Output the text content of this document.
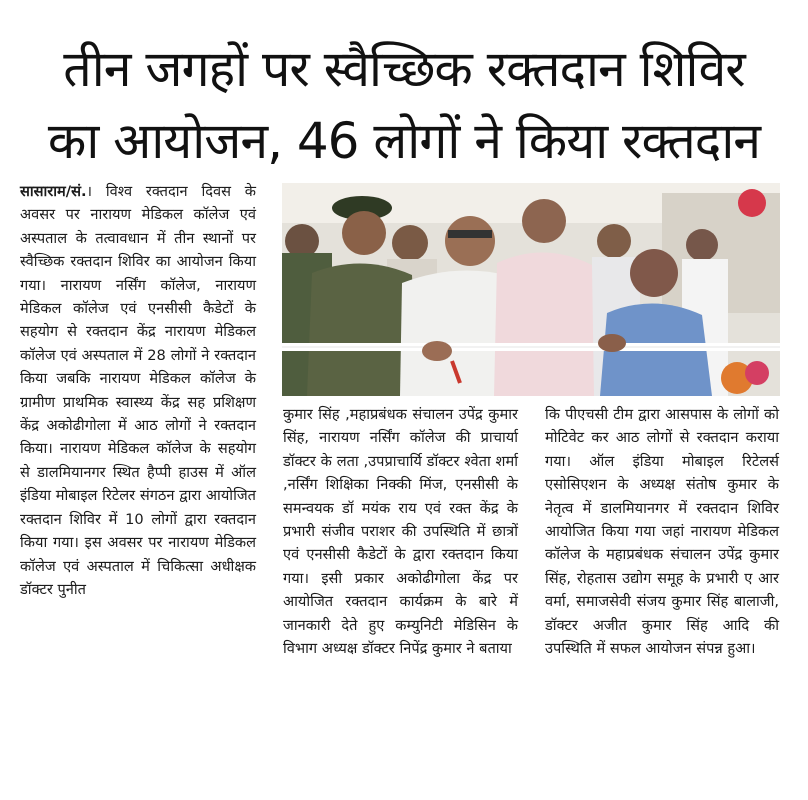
तीन जगहों पर स्वैच्छिक रक्तदान शिविर
का आयोजन, 46 लोगों ने किया रक्तदान

सासाराम/सं.। विश्व रक्तदान दिवस के अवसर पर नारायण मेडिकल कॉलेज एवं अस्पताल के तत्वावधान में तीन स्थानों पर स्वैच्छिक रक्तदान शिविर का आयोजन किया गया। नारायण नर्सिंग कॉलेज, नारायण मेडिकल कॉलेज एवं एनसीसी कैडेटों के सहयोग से रक्तदान केंद्र नारायण मेडिकल कॉलेज एवं अस्पताल में 28 लोगों ने रक्तदान किया जबकि नारायण मेडिकल कॉलेज के ग्रामीण प्राथमिक स्वास्थ्य केंद्र सह प्रशिक्षण केंद्र अकोढीगोला में आठ लोगों ने रक्तदान किया। नारायण मेडिकल कॉलेज के सहयोग से डालमियानगर स्थित हैप्पी हाउस में ऑल इंडिया मोबाइल रिटेलर संगठन द्वारा आयोजित रक्तदान शिविर में 10 लोगों द्वारा रक्तदान किया गया। इस अवसर पर नारायण मेडिकल कॉलेज एवं अस्पताल में चिकित्सा अधीक्षक डॉक्टर पुनीत

कुमार सिंह ,महाप्रबंधक संचालन उपेंद्र कुमार सिंह, नारायण नर्सिंग कॉलेज की प्राचार्या डॉक्टर के लता ,उपप्राचार्यि डॉक्टर श्वेता शर्मा ,नर्सिंग शिक्षिका निक्की मिंज, एनसीसी के समन्वयक डॉ मयंक राय एवं रक्त केंद्र के प्रभारी संजीव पराशर की उपस्थिति में छात्रों एवं एनसीसी कैडेटों के द्वारा रक्तदान किया गया। इसी प्रकार अकोढीगोला केंद्र पर आयोजित रक्तदान कार्यक्रम के बारे में जानकारी देते हुए कम्युनिटी मेडिसिन के विभाग अध्यक्ष डॉक्टर निपेंद्र कुमार ने बताया

कि पीएचसी टीम द्वारा आसपास के लोगों को मोटिवेट कर आठ लोगों से रक्तदान कराया गया। ऑल इंडिया मोबाइल रिटेलर्स एसोसिएशन के अध्यक्ष संतोष कुमार के नेतृत्व में डालमियानगर में रक्तदान शिविर आयोजित किया गया जहां नारायण मेडिकल कॉलेज के महाप्रबंधक संचालन उपेंद्र कुमार सिंह, रोहतास उद्योग समूह के प्रभारी ए आर वर्मा, समाजसेवी संजय कुमार सिंह बालाजी, डॉक्टर अजीत कुमार सिंह आदि की उपस्थिति में सफल आयोजन संपन्न हुआ।
